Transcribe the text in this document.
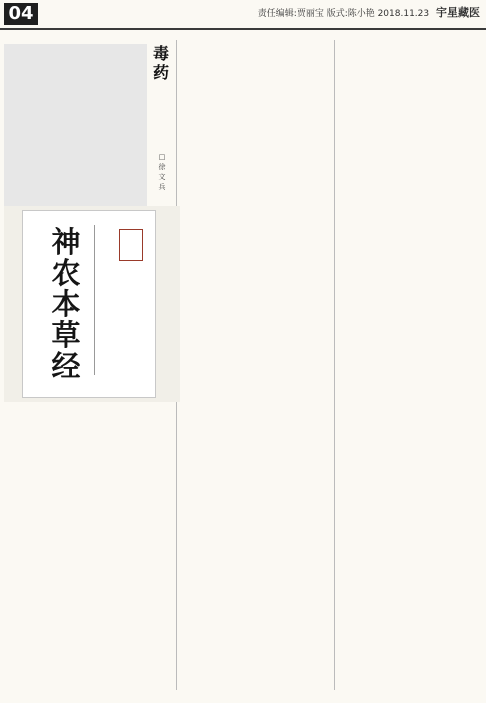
04	责任编辑:贾丽宝 版式:陈小艳 2018.11.23 宇星藏医
毒
药
□
徐
文
兵
神
农
本
草
经
